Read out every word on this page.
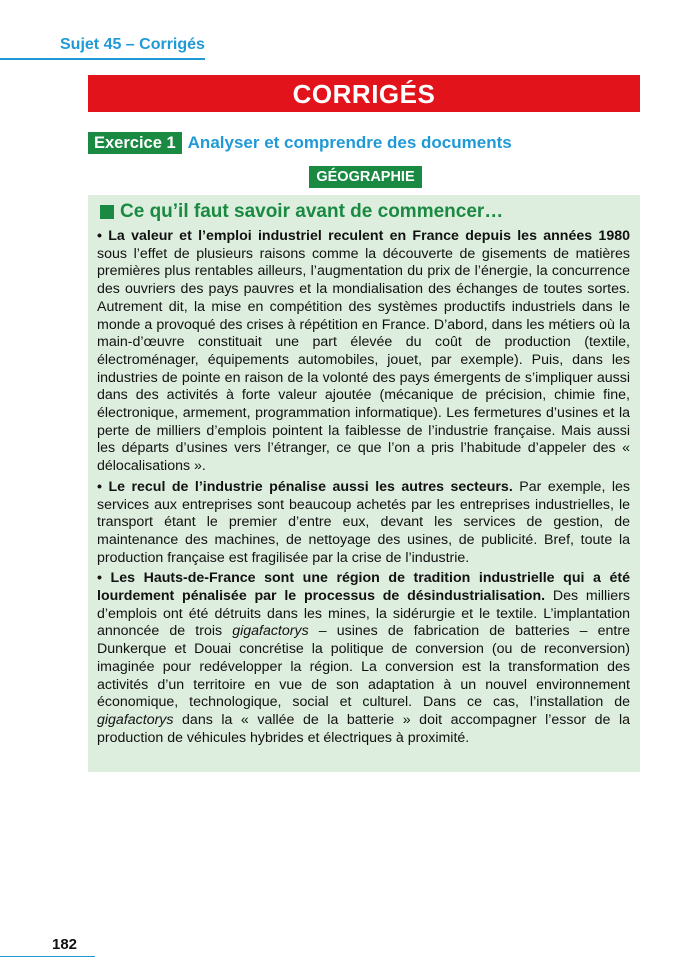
Sujet 45 – Corrigés
CORRIGÉS
Exercice 1 Analyser et comprendre des documents
GÉOGRAPHIE
Ce qu’il faut savoir avant de commencer…

• La valeur et l’emploi industriel reculent en France depuis les années 1980 sous l’effet de plusieurs raisons comme la découverte de gisements de matières premières plus rentables ailleurs, l’augmentation du prix de l’énergie, la concurrence des ouvriers des pays pauvres et la mondialisation des échanges de toutes sortes. Autrement dit, la mise en compétition des systèmes productifs industriels dans le monde a provoqué des crises à répétition en France. D’abord, dans les métiers où la main-d’œuvre constituait une part élevée du coût de production (textile, électroménager, équipements automobiles, jouet, par exemple). Puis, dans les industries de pointe en raison de la volonté des pays émergents de s’impliquer aussi dans des activités à forte valeur ajoutée (mécanique de précision, chimie fine, électronique, armement, programmation informatique). Les fermetures d’usines et la perte de milliers d’emplois pointent la faiblesse de l’industrie française. Mais aussi les départs d’usines vers l’étranger, ce que l’on a pris l’habitude d’appeler des « délocalisations ».

• Le recul de l’industrie pénalise aussi les autres secteurs. Par exemple, les services aux entreprises sont beaucoup achetés par les entreprises industrielles, le transport étant le premier d’entre eux, devant les services de gestion, de maintenance des machines, de nettoyage des usines, de publicité. Bref, toute la production française est fragilisée par la crise de l’industrie.

• Les Hauts-de-France sont une région de tradition industrielle qui a été lourdement pénalisée par le processus de désindustrialisation. Des milliers d’emplois ont été détruits dans les mines, la sidérurgie et le textile. L’implantation annoncée de trois gigafactorys – usines de fabrication de batteries – entre Dunkerque et Douai concrétise la politique de conversion (ou de reconversion) imaginée pour redévelopper la région. La conversion est la transformation des activités d’un territoire en vue de son adaptation à un nouvel environnement économique, technologique, social et culturel. Dans ce cas, l’installation de gigafactorys dans la « vallée de la batterie » doit accompagner l’essor de la production de véhicules hybrides et électriques à proximité.

182
